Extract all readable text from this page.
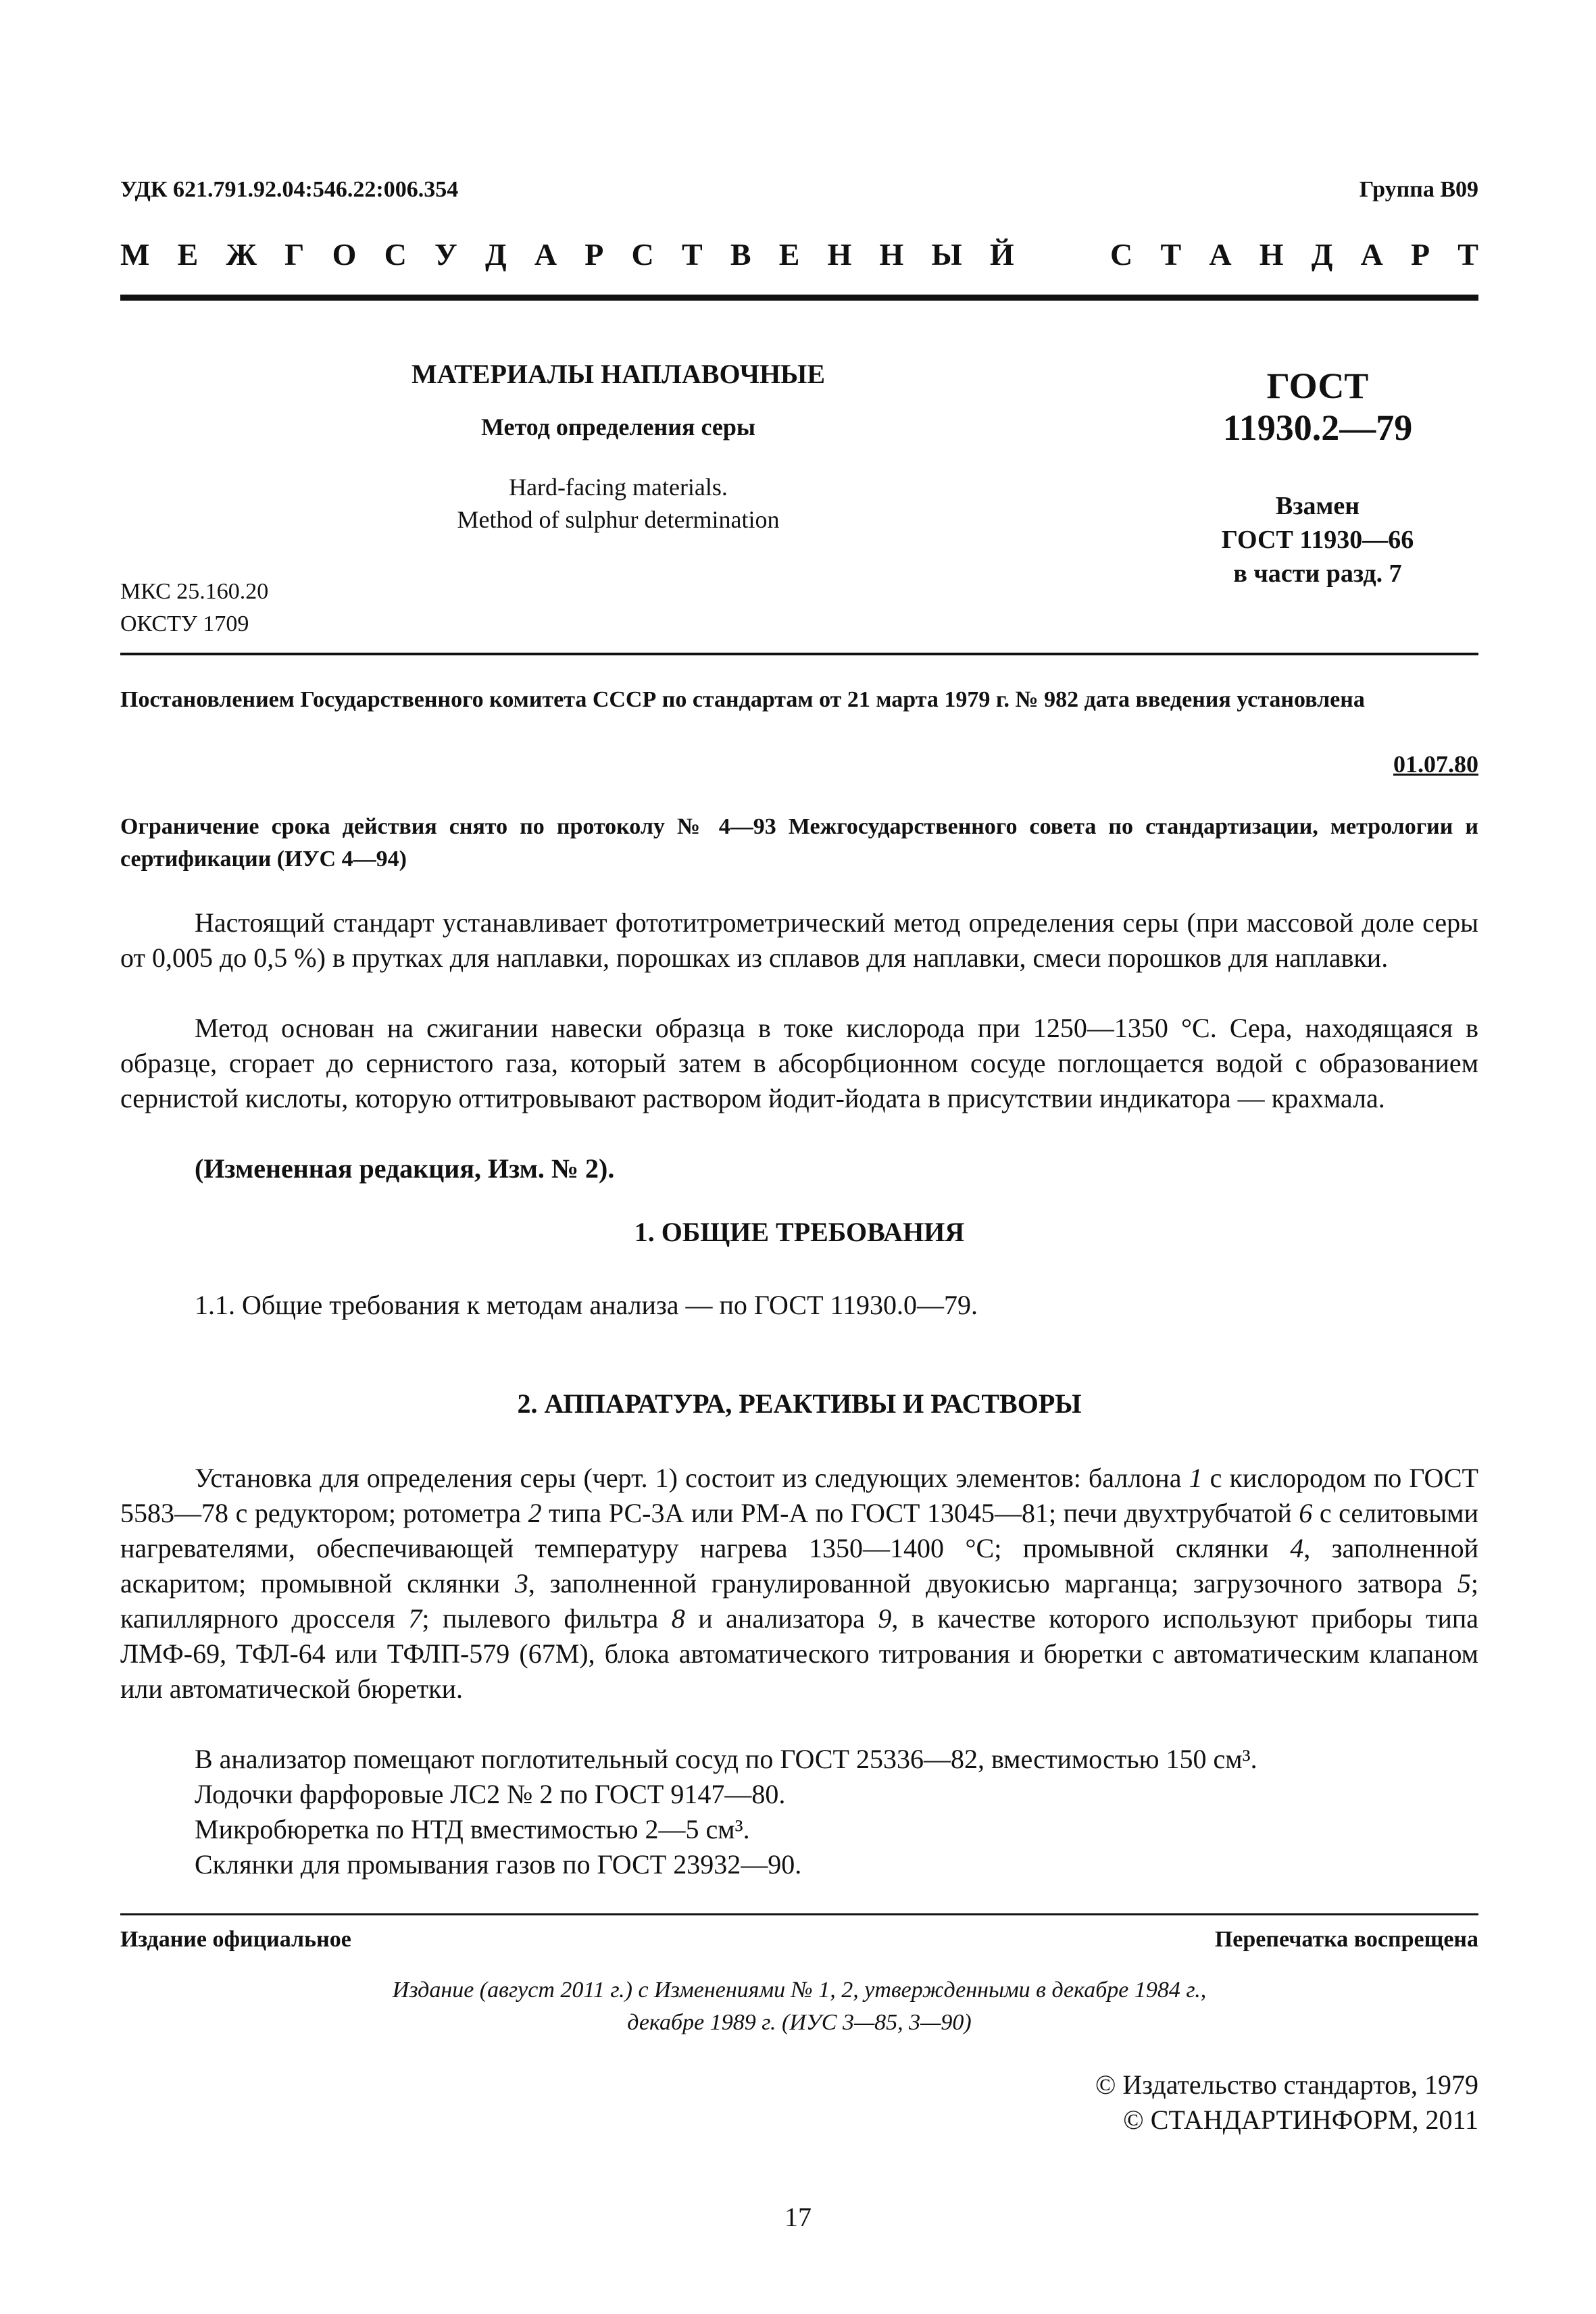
УДК 621.791.92.04:546.22:006.354	Группа В09
М Е Ж Г О С У Д А Р С Т В Е Н Н Ы Й	С Т А Н Д А Р Т
МАТЕРИАЛЫ НАПЛАВОЧНЫЕ
Метод определения серы
Hard-facing materials.
Method of sulphur determination
ГОСТ
11930.2—79
Взамен
ГОСТ 11930—66
в части разд. 7
МКС 25.160.20
ОКСТУ 1709
Постановлением Государственного комитета СССР по стандартам от 21 марта 1979 г. № 982 дата введения установлена
01.07.80
Ограничение срока действия снято по протоколу № 4—93 Межгосударственного совета по стандартизации, метрологии и сертификации (ИУС 4—94)
Настоящий стандарт устанавливает фототитрометрический метод определения серы (при массовой доле серы от 0,005 до 0,5 %) в прутках для наплавки, порошках из сплавов для наплавки, смеси порошков для наплавки.
Метод основан на сжигании навески образца в токе кислорода при 1250—1350 °С. Сера, находящаяся в образце, сгорает до сернистого газа, который затем в абсорбционном сосуде поглощается водой с образованием сернистой кислоты, которую оттитровывают раствором йодит-йодата в присутствии индикатора — крахмала.
(Измененная редакция, Изм. № 2).
1. ОБЩИЕ ТРЕБОВАНИЯ
1.1. Общие требования к методам анализа — по ГОСТ 11930.0—79.
2. АППАРАТУРА, РЕАКТИВЫ И РАСТВОРЫ
Установка для определения серы (черт. 1) состоит из следующих элементов: баллона 1 с кислородом по ГОСТ 5583—78 с редуктором; ротометра 2 типа РС-3А или РМ-А по ГОСТ 13045—81; печи двухтрубчатой 6 с селитовыми нагревателями, обеспечивающей температуру нагрева 1350—1400 °С; промывной склянки 4, заполненной аскаритом; промывной склянки 3, заполненной гранулированной двуокисью марганца; загрузочного затвора 5; капиллярного дросселя 7; пылевого фильтра 8 и анализатора 9, в качестве которого используют приборы типа ЛМФ-69, ТФЛ-64 или ТФЛП-579 (67М), блока автоматического титрования и бюретки с автоматическим клапаном или автоматической бюретки.
В анализатор помещают поглотительный сосуд по ГОСТ 25336—82, вместимостью 150 см³.
Лодочки фарфоровые ЛС2 № 2 по ГОСТ 9147—80.
Микробюретка по НТД вместимостью 2—5 см³.
Склянки для промывания газов по ГОСТ 23932—90.
Издание официальное	Перепечатка воспрещена
Издание (август 2011 г.) с Изменениями № 1, 2, утвержденными в декабре 1984 г.,
декабре 1989 г. (ИУС 3—85, 3—90)
© Издательство стандартов, 1979
© СТАНДАРТИНФОРМ, 2011
17
